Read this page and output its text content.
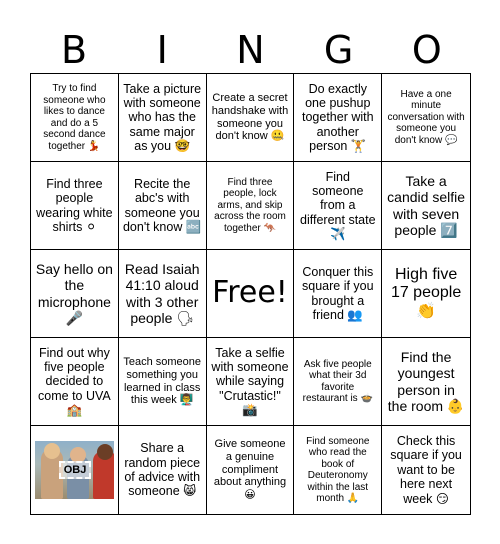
B	I	N	G	O
Try to find someone who likes to dance and do a 5 second dance together 💃
Take a picture with someone who has the same major as you 🤓
Create a secret handshake with someone you don't know 🤐
Do exactly one pushup together with another person 🏋
Have a one minute conversation with someone you don't know 💬
Find three people wearing white shirts ⚪
Recite the abc's with someone you don't know 🔤
Find three people, lock arms, and skip across the room together 🦘
Find someone from a different state ✈️
Take a candid selfie with seven people 7️⃣
Say hello on the microphone 🎤
Read Isaiah 41:10 aloud with 3 other people 🗣
Free!
Conquer this square if you brought a friend 👥
High five 17 people 👏
Find out why five people decided to come to UVA 🏫
Teach someone something you learned in class this week 👨‍🏫
Take a selfie with someone while saying "Crutastic!" 📸
Ask five people what their 3d favorite restaurant is 🍲
Find the youngest person in the room 👶
OBJ
Share a random piece of advice with someone 😸
Give someone a genuine compliment about anything 😀
Find someone who read the book of Deuteronomy within the last month 🙏
Check this square if you want to be here next week 😏
